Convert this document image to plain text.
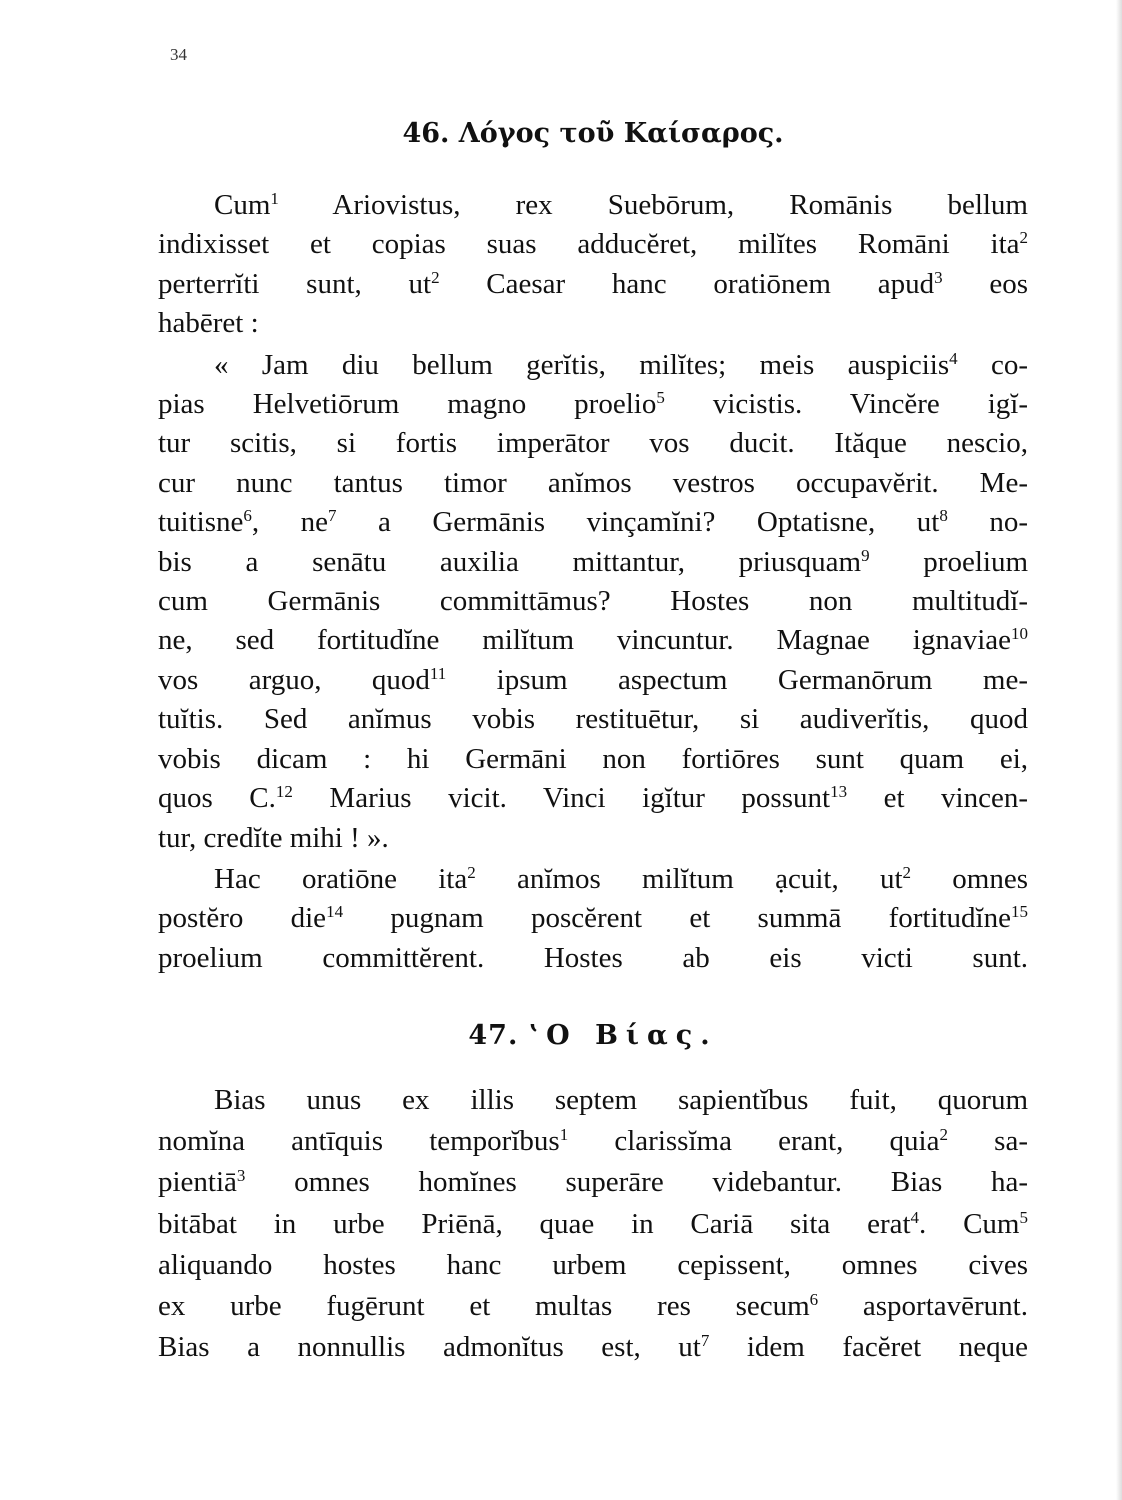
34
46. Λόγος τοῦ Καίσαρος.
Cum$^1$ Ariovistus, rex Suebōrum, Romānis bellum
indixisset et copias suas adducĕret, milĭtes Romāni ita$^2$
perterrĭti sunt, $ut^2$ Caesar hanc oratiōnem apud$^3$ eos
habēret :
« Jam diu bellum gerĭtis, milĭtes; meis auspiciis$^4$ co-
pias Helvetiōrum magno proelio$^5$ vicistis. Vincĕre igĭ-
tur scitis, si fortis imperātor vos ducit. Ităque nescio,
cur nunc tantus timor anĭmos vestros occupavĕrit. Me-
tuitisne$^6$, $ne^7$ a Germānis vinçamĭni? Optatisne, $ut^8$ no-
bis a senātu auxilia mittantur, priusquam$^9$ proelium
cum Germānis committāmus? Hostes non multitudĭ-
ne, sed fortitudĭne milĭtum vincuntur. Magnae ignaviae$^{10}$
vos arguo, quod$^{11}$ ipsum aspectum Germanōrum me-
tuĭtis. Sed anĭmus vobis restituētur, si audiverĭtis, quod
vobis dicam : hi Germāni non fortiōres sunt quam ei,
quos C.$^{12}$ Marius vicit. Vinci igĭtur possunt$^{13}$ et vincen-
tur, credĭte mihi ! ».
Hac oratiōne ita$^2$ anĭmos milĭtum ạcuit, $ut^2$ omnes
postĕro die$^{14}$ pugnam poscĕrent et summā fortitudĭne$^{15}$
proelium committĕrent. Hostes ab eis victi sunt.
47. ʽΟ Βίας.
Bias unus ex illis septem sapientĭbus fuit, quorum
nomĭna antīquis temporĭbus$^1$ clarissĭma erant, quia$^2$ sa-
pientiā$^3$ omnes homĭnes superāre videbantur. Bias ha-
bitābat in urbe Priēnā, quae in Cariā sita erat$^4$. Cum$^5$
aliquando hostes hanc urbem cepissent, omnes cives
ex urbe fugērunt et multas res secum$^6$ asportavērunt.
Bias a nonnullis admonĭtus est, $ut^7$ idem facĕret neque
